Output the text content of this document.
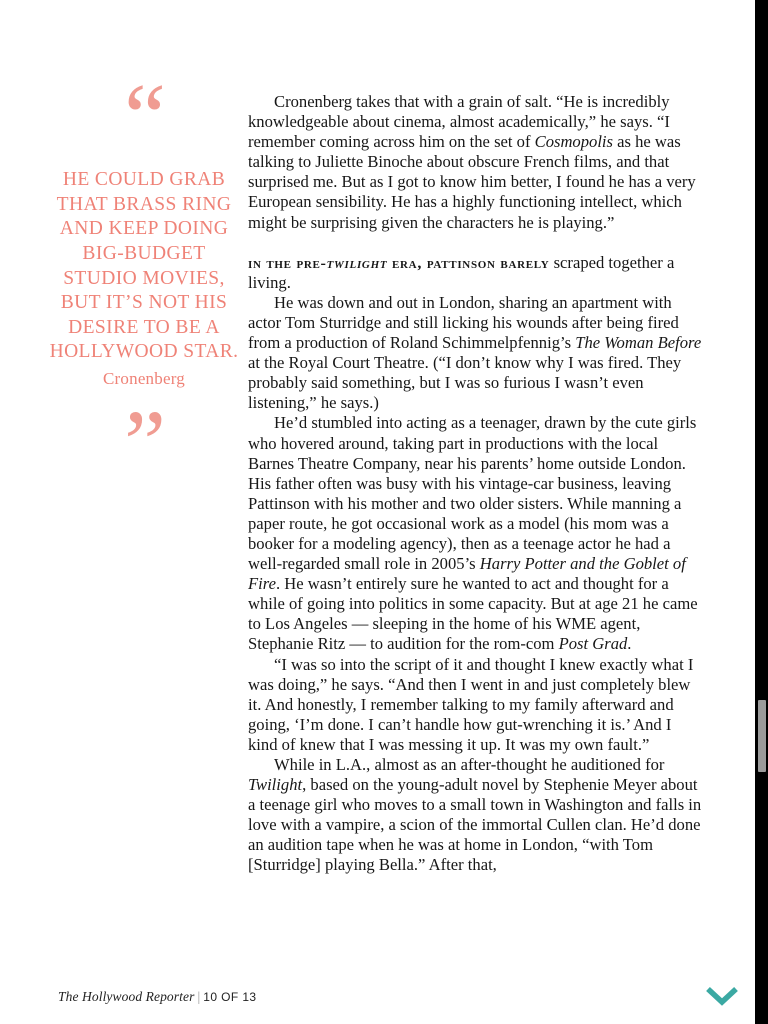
“
HE COULD GRAB THAT BRASS RING AND KEEP DOING BIG-BUDGET STUDIO MOVIES, BUT IT’S NOT HIS DESIRE TO BE A HOLLYWOOD STAR.
Cronenberg
”

Cronenberg takes that with a grain of salt. “He is incredibly knowledgeable about cinema, almost academically,” he says. “I remember coming across him on the set of Cosmopolis as he was talking to Juliette Binoche about obscure French films, and that surprised me. But as I got to know him better, I found he has a very European sensibility. He has a highly functioning intellect, which might be surprising given the characters he is playing.”

in the pre-twilight era, pattinson barely scraped together a living.

He was down and out in London, sharing an apartment with actor Tom Sturridge and still licking his wounds after being fired from a production of Roland Schimmelpfennig’s The Woman Before at the Royal Court Theatre. (“I don’t know why I was fired. They probably said something, but I was so furious I wasn’t even listening,” he says.)

He’d stumbled into acting as a teenager, drawn by the cute girls who hovered around, taking part in productions with the local Barnes Theatre Company, near his parents’ home outside London. His father often was busy with his vintage-car business, leaving Pattinson with his mother and two older sisters. While manning a paper route, he got occasional work as a model (his mom was a booker for a modeling agency), then as a teenage actor he had a well-regarded small role in 2005’s Harry Potter and the Goblet of Fire. He wasn’t entirely sure he wanted to act and thought for a while of going into politics in some capacity. But at age 21 he came to Los Angeles — sleeping in the home of his WME agent, Stephanie Ritz — to audition for the rom-com Post Grad.

“I was so into the script of it and thought I knew exactly what I was doing,” he says. “And then I went in and just completely blew it. And honestly, I remember talking to my family afterward and going, ‘I’m done. I can’t handle how gut-wrenching it is.’ And I kind of knew that I was messing it up. It was my own fault.”

While in L.A., almost as an after-thought he auditioned for Twilight, based on the young-adult novel by Stephenie Meyer about a teenage girl who moves to a small town in Washington and falls in love with a vampire, a scion of the immortal Cullen clan. He’d done an audition tape when he was at home in London, “with Tom [Sturridge] playing Bella.” After that,

The Hollywood Reporter | 10 OF 13
